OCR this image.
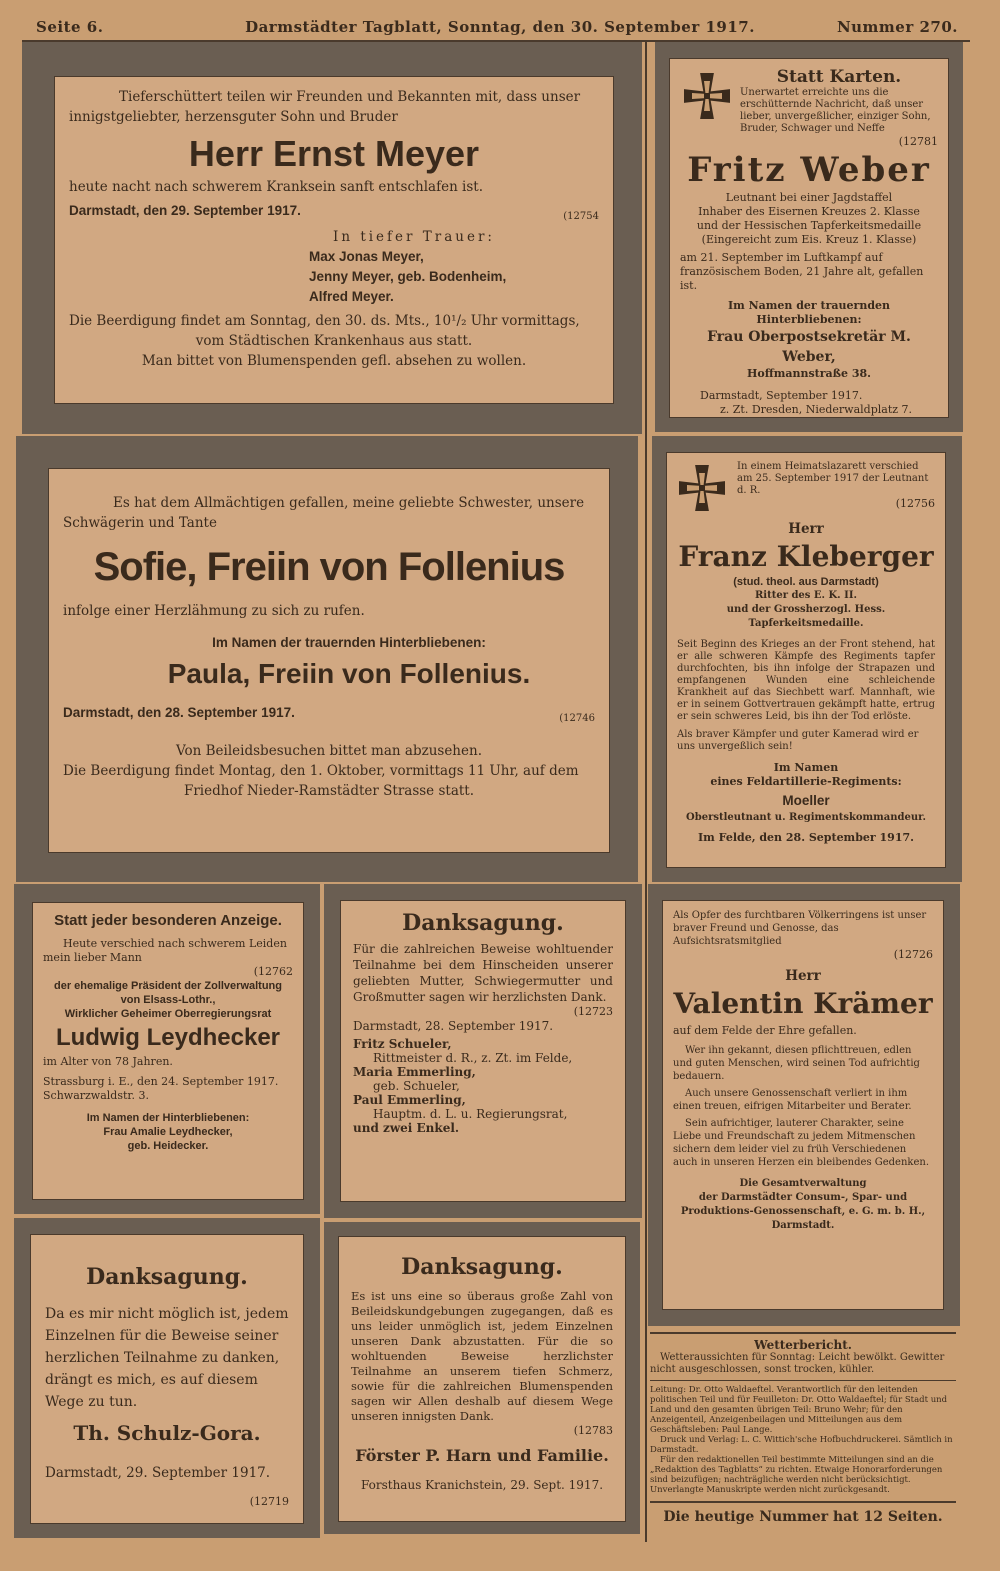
Seite 6.	Darmstädter Tagblatt, Sonntag, den 30. September 1917.	Nummer 270.

Tieferschüttert teilen wir Freunden und Bekannten mit, dass unser innigstgeliebter, herzensguter Sohn und Bruder

Herr Ernst Meyer

heute nacht nach schwerem Kranksein sanft entschlafen ist.

Darmstadt, den 29. September 1917.	(12754

In tiefer Trauer:

Max Jonas Meyer,

Jenny Meyer, geb. Bodenheim,

Alfred Meyer.

Die Beerdigung findet am Sonntag, den 30. ds. Mts., 10¹/₂ Uhr vormittags,

vom Städtischen Krankenhaus aus statt.

Man bittet von Blumenspenden gefl. absehen zu wollen.

Statt Karten.

Unerwartet erreichte uns die erschütternde Nachricht, daß unser lieber, unvergeßlicher, einziger Sohn, Bruder, Schwager und Neffe

(12781

Fritz Weber

Leutnant bei einer Jagdstaffel

Inhaber des Eisernen Kreuzes 2. Klasse

und der Hessischen Tapferkeitsmedaille

(Eingereicht zum Eis. Kreuz 1. Klasse)

am 21. September im Luftkampf auf französischem Boden, 21 Jahre alt, gefallen ist.

Im Namen der trauernden Hinterbliebenen:

Frau Oberpostsekretär M. Weber,

Hoffmannstraße 38.

Darmstadt, September 1917.

z. Zt. Dresden, Niederwaldplatz 7.

Es hat dem Allmächtigen gefallen, meine geliebte Schwester, unsere Schwägerin und Tante

Sofie, Freiin von Follenius

infolge einer Herzlähmung zu sich zu rufen.

Im Namen der trauernden Hinterbliebenen:

Paula, Freiin von Follenius.

Darmstadt, den 28. September 1917.	(12746

Von Beileidsbesuchen bittet man abzusehen.

Die Beerdigung findet Montag, den 1. Oktober, vormittags 11 Uhr, auf dem

Friedhof Nieder-Ramstädter Strasse statt.

In einem Heimatslazarett verschied am 25. September 1917 der Leutnant d. R.

(12756

Herr

Franz Kleberger

(stud. theol. aus Darmstadt)

Ritter des E. K. II.

und der Grossherzogl. Hess. Tapferkeitsmedaille.

Seit Beginn des Krieges an der Front stehend, hat er alle schweren Kämpfe des Regiments tapfer durchfochten, bis ihn infolge der Strapazen und empfangenen Wunden eine schleichende Krankheit auf das Siechbett warf. Mannhaft, wie er in seinem Gottvertrauen gekämpft hatte, ertrug er sein schweres Leid, bis ihn der Tod erlöste.

Als braver Kämpfer und guter Kamerad wird er uns unvergeßlich sein!

Im Namen

eines Feldartillerie-Regiments:

Moeller

Oberstleutnant u. Regimentskommandeur.

Im Felde, den 28. September 1917.

Statt jeder besonderen Anzeige.

Heute verschied nach schwerem Leiden mein lieber Mann

(12762

der ehemalige Präsident der Zollverwaltung von Elsass-Lothr.,

Wirklicher Geheimer Oberregierungsrat

Ludwig Leydhecker

im Alter von 78 Jahren.

Strassburg i. E., den 24. September 1917.

Schwarzwaldstr. 3.

Im Namen der Hinterbliebenen:

Frau Amalie Leydhecker,

geb. Heidecker.

Danksagung.

Für die zahlreichen Beweise wohltuender Teilnahme bei dem Hinscheiden unserer geliebten Mutter, Schwiegermutter und Großmutter sagen wir herzlichsten Dank.

(12723

Darmstadt, 28. September 1917.

Fritz Schueler,

Rittmeister d. R., z. Zt. im Felde,

Maria Emmerling,

geb. Schueler,

Paul Emmerling,

Hauptm. d. L. u. Regierungsrat,

und zwei Enkel.

Als Opfer des furchtbaren Völkerringens ist unser braver Freund und Genosse, das Aufsichtsratsmitglied

(12726

Herr

Valentin Krämer

auf dem Felde der Ehre gefallen.

Wer ihn gekannt, diesen pflichttreuen, edlen und guten Menschen, wird seinen Tod aufrichtig bedauern.

Auch unsere Genossenschaft verliert in ihm einen treuen, eifrigen Mitarbeiter und Berater.

Sein aufrichtiger, lauterer Charakter, seine Liebe und Freundschaft zu jedem Mitmenschen sichern dem leider viel zu früh Verschiedenen auch in unseren Herzen ein bleibendes Gedenken.

Die Gesamtverwaltung

der Darmstädter Consum-, Spar- und Produktions-Genossenschaft, e. G. m. b. H.,

Darmstadt.

Danksagung.

Da es mir nicht möglich ist, jedem Einzelnen für die Beweise seiner herzlichen Teilnahme zu danken, drängt es mich, es auf diesem Wege zu tun.

Th. Schulz-Gora.

Darmstadt, 29. September 1917.

(12719

Danksagung.

Es ist uns eine so überaus große Zahl von Beileidskundgebungen zugegangen, daß es uns leider unmöglich ist, jedem Einzelnen unseren Dank abzustatten. Für die so wohltuenden Beweise herzlichster Teilnahme an unserem tiefen Schmerz, sowie für die zahlreichen Blumenspenden sagen wir Allen deshalb auf diesem Wege unseren innigsten Dank.

(12783

Förster P. Harn und Familie.

Forsthaus Kranichstein, 29. Sept. 1917.

Wetterbericht.

Wetteraussichten für Sonntag: Leicht bewölkt. Gewitter nicht ausgeschlossen, sonst trocken, kühler.

Leitung: Dr. Otto Waldaeftel. Verantwortlich für den leitenden politischen Teil und für Feuilleton: Dr. Otto Waldaeftel; für Stadt und Land und den gesamten übrigen Teil: Bruno Wehr; für den Anzeigenteil, Anzeigenbeilagen und Mitteilungen aus dem Geschäftsleben: Paul Lange.

Druck und Verlag: L. C. Wittich'sche Hofbuchdruckerei. Sämtlich in Darmstadt.

Für den redaktionellen Teil bestimmte Mitteilungen sind an die „Redaktion des Tagblatts“ zu richten. Etwaige Honorarforderungen sind beizufügen; nachträgliche werden nicht berücksichtigt. Unverlangte Manuskripte werden nicht zurückgesandt.

Die heutige Nummer hat 12 Seiten.
